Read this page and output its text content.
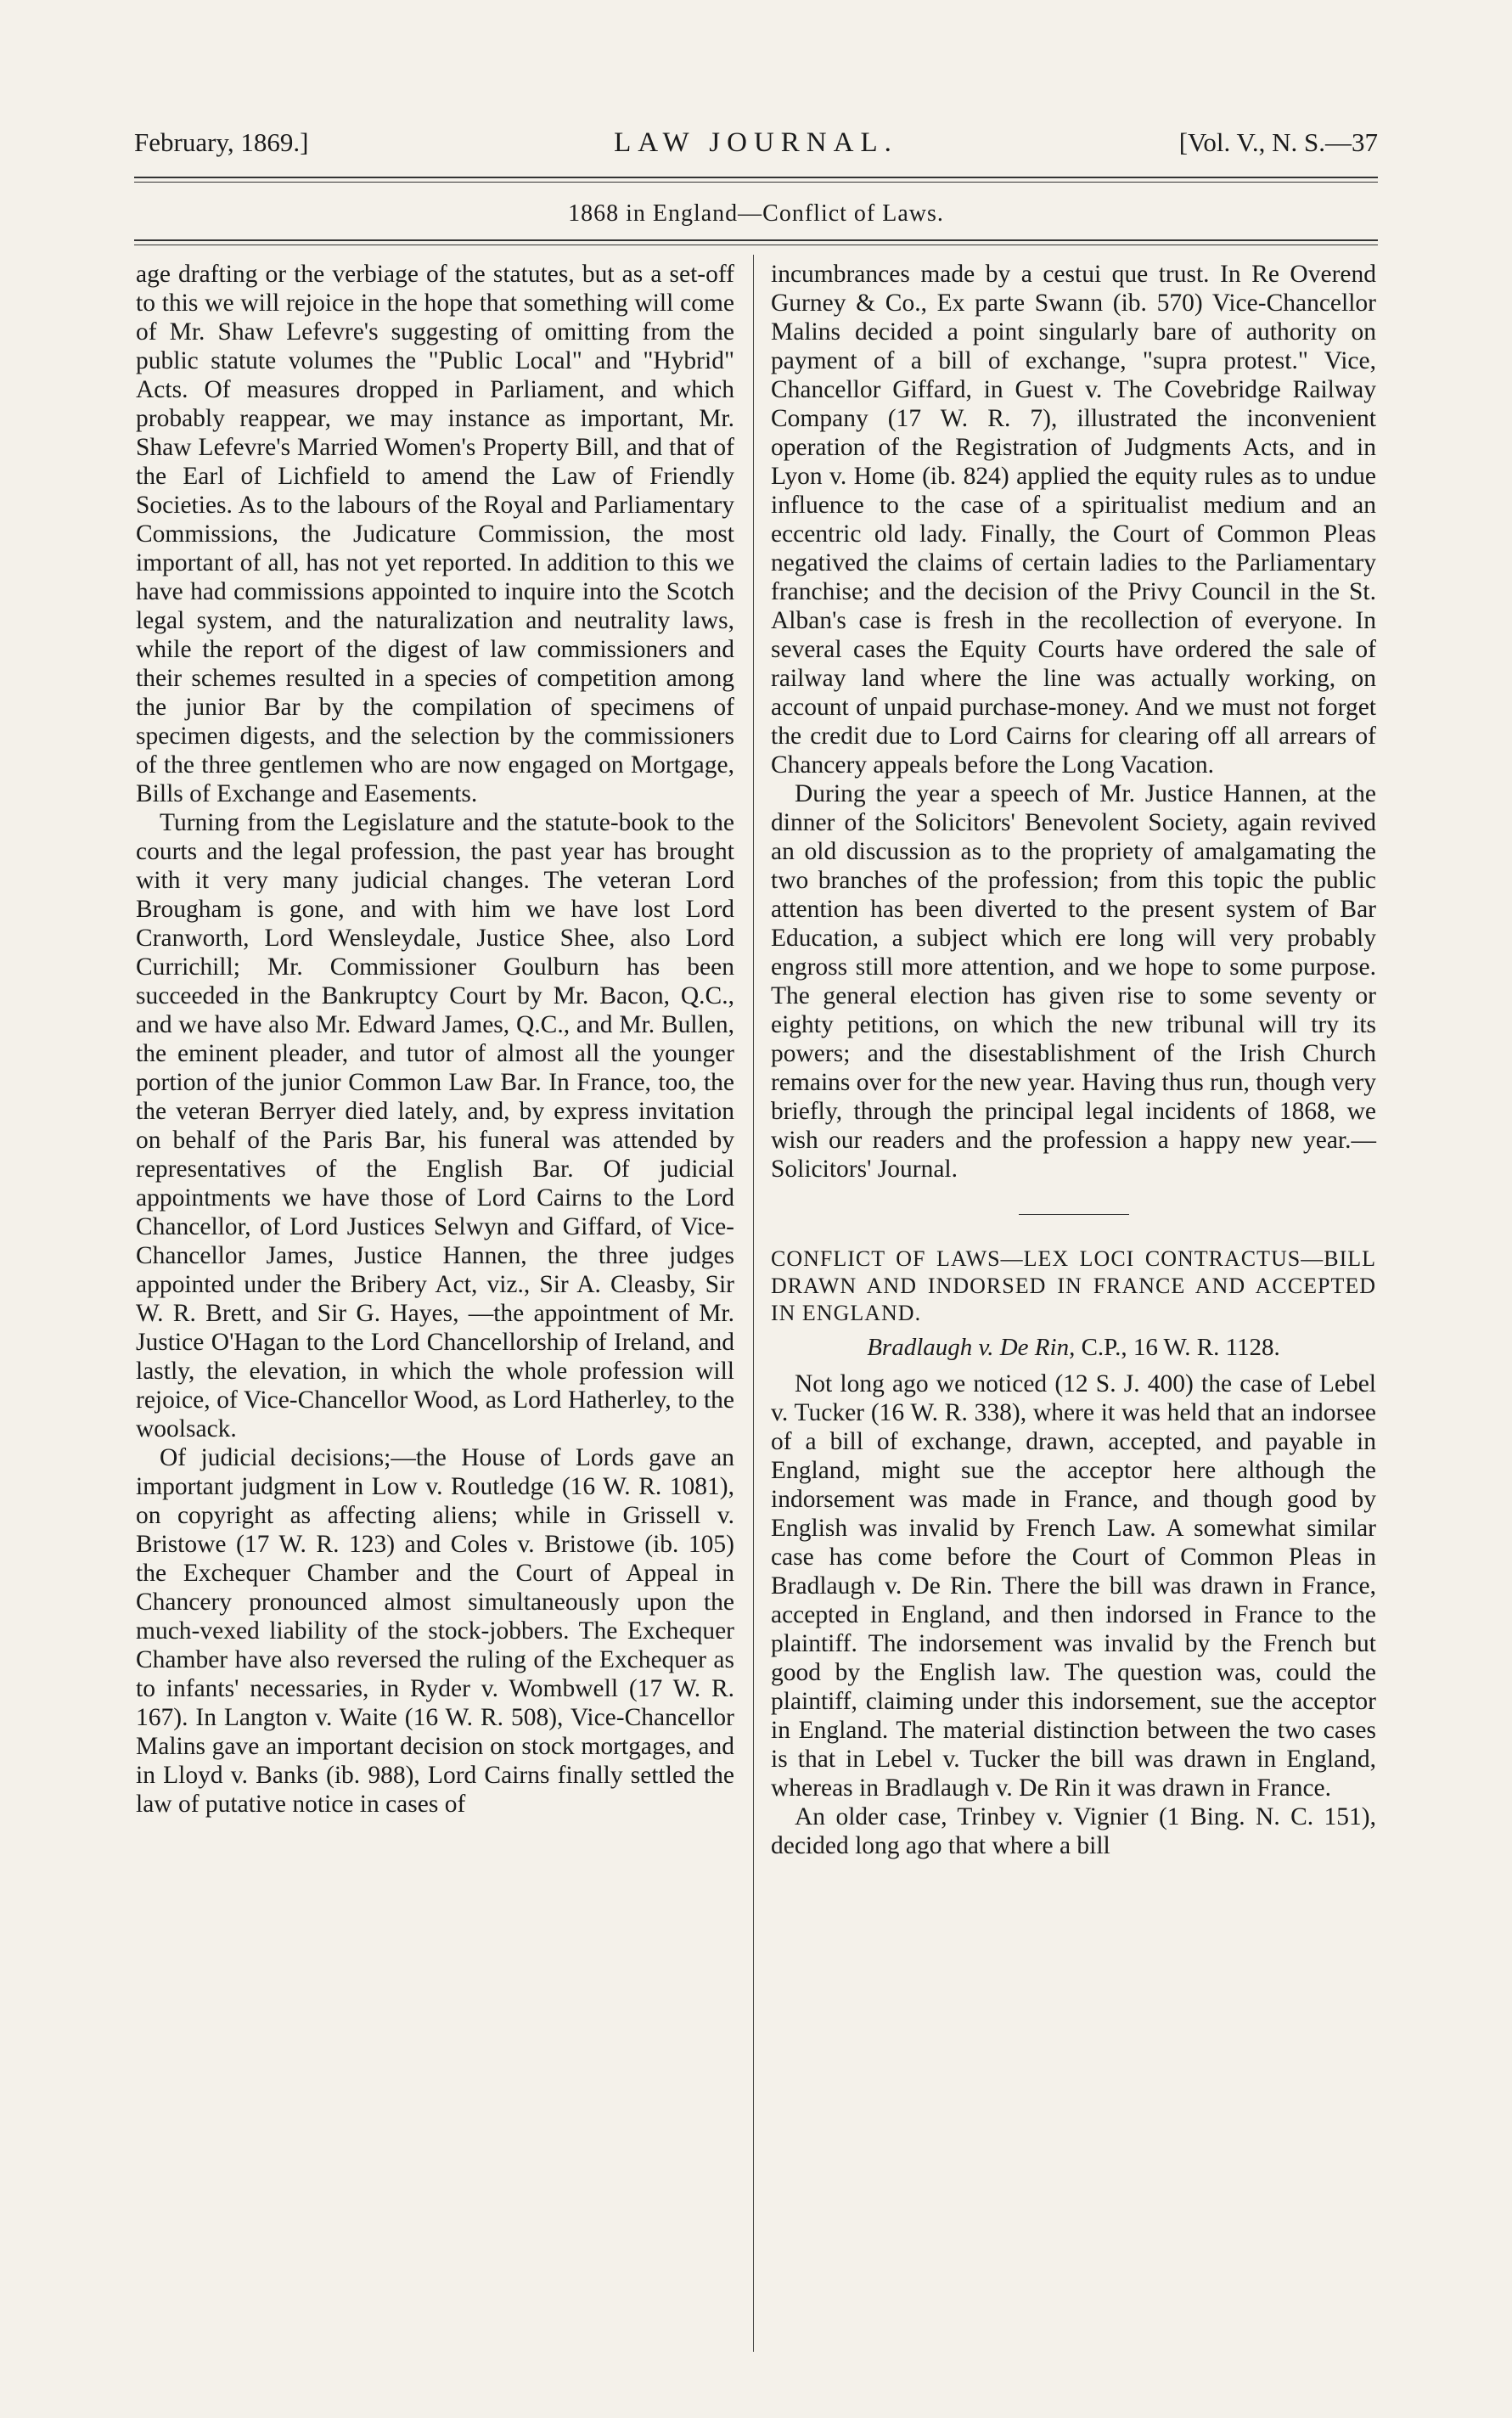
February, 1869.]	LAW JOURNAL.	[Vol. V., N. S.—37
1868 in England—Conflict of Laws.

age drafting or the verbiage of the statutes, but as a set-off to this we will rejoice in the hope that something will come of Mr. Shaw Lefevre's suggesting of omitting from the public statute volumes the "Public Local" and "Hybrid" Acts. Of measures dropped in Parliament, and which probably reappear, we may instance as important, Mr. Shaw Lefevre's Married Women's Property Bill, and that of the Earl of Lichfield to amend the Law of Friendly Societies. As to the labours of the Royal and Parliamentary Commissions, the Judicature Commission, the most important of all, has not yet reported. In addition to this we have had commissions appointed to inquire into the Scotch legal system, and the naturalization and neutrality laws, while the report of the digest of law commissioners and their schemes resulted in a species of competition among the junior Bar by the compilation of specimens of specimen digests, and the selection by the commissioners of the three gentlemen who are now engaged on Mortgage, Bills of Exchange and Easements.

Turning from the Legislature and the statute-book to the courts and the legal profession, the past year has brought with it very many judicial changes. The veteran Lord Brougham is gone, and with him we have lost Lord Cranworth, Lord Wensleydale, Justice Shee, also Lord Currichill; Mr. Commissioner Goulburn has been succeeded in the Bankruptcy Court by Mr. Bacon, Q.C., and we have also Mr. Edward James, Q.C., and Mr. Bullen, the eminent pleader, and tutor of almost all the younger portion of the junior Common Law Bar. In France, too, the the veteran Berryer died lately, and, by express invitation on behalf of the Paris Bar, his funeral was attended by representatives of the English Bar. Of judicial appointments we have those of Lord Cairns to the Lord Chancellor, of Lord Justices Selwyn and Giffard, of Vice-Chancellor James, Justice Hannen, the three judges appointed under the Bribery Act, viz., Sir A. Cleasby, Sir W. R. Brett, and Sir G. Hayes, —the appointment of Mr. Justice O'Hagan to the Lord Chancellorship of Ireland, and lastly, the elevation, in which the whole profession will rejoice, of Vice-Chancellor Wood, as Lord Hatherley, to the woolsack.

Of judicial decisions;—the House of Lords gave an important judgment in Low v. Routledge (16 W. R. 1081), on copyright as affecting aliens; while in Grissell v. Bristowe (17 W. R. 123) and Coles v. Bristowe (ib. 105) the Exchequer Chamber and the Court of Appeal in Chancery pronounced almost simultaneously upon the much-vexed liability of the stock-jobbers. The Exchequer Chamber have also reversed the ruling of the Exchequer as to infants' necessaries, in Ryder v. Wombwell (17 W. R. 167). In Langton v. Waite (16 W. R. 508), Vice-Chancellor Malins gave an important decision on stock mortgages, and in Lloyd v. Banks (ib. 988), Lord Cairns finally settled the law of putative notice in cases of

incumbrances made by a cestui que trust. In Re Overend Gurney & Co., Ex parte Swann (ib. 570) Vice-Chancellor Malins decided a point singularly bare of authority on payment of a bill of exchange, "supra protest." Vice, Chancellor Giffard, in Guest v. The Covebridge Railway Company (17 W. R. 7), illustrated the inconvenient operation of the Registration of Judgments Acts, and in Lyon v. Home (ib. 824) applied the equity rules as to undue influence to the case of a spiritualist medium and an eccentric old lady. Finally, the Court of Common Pleas negatived the claims of certain ladies to the Parliamentary franchise; and the decision of the Privy Council in the St. Alban's case is fresh in the recollection of everyone. In several cases the Equity Courts have ordered the sale of railway land where the line was actually working, on account of unpaid purchase-money. And we must not forget the credit due to Lord Cairns for clearing off all arrears of Chancery appeals before the Long Vacation.

During the year a speech of Mr. Justice Hannen, at the dinner of the Solicitors' Benevolent Society, again revived an old discussion as to the propriety of amalgamating the two branches of the profession; from this topic the public attention has been diverted to the present system of Bar Education, a subject which ere long will very probably engross still more attention, and we hope to some purpose. The general election has given rise to some seventy or eighty petitions, on which the new tribunal will try its powers; and the disestablishment of the Irish Church remains over for the new year. Having thus run, though very briefly, through the principal legal incidents of 1868, we wish our readers and the profession a happy new year.—Solicitors' Journal.

CONFLICT OF LAWS—LEX LOCI CONTRACTUS—BILL DRAWN AND INDORSED IN FRANCE AND ACCEPTED IN ENGLAND.

Bradlaugh v. De Rin, C.P., 16 W. R. 1128.

Not long ago we noticed (12 S. J. 400) the case of Lebel v. Tucker (16 W. R. 338), where it was held that an indorsee of a bill of exchange, drawn, accepted, and payable in England, might sue the acceptor here although the indorsement was made in France, and though good by English was invalid by French Law. A somewhat similar case has come before the Court of Common Pleas in Bradlaugh v. De Rin. There the bill was drawn in France, accepted in England, and then indorsed in France to the plaintiff. The indorsement was invalid by the French but good by the English law. The question was, could the plaintiff, claiming under this indorsement, sue the acceptor in England. The material distinction between the two cases is that in Lebel v. Tucker the bill was drawn in England, whereas in Bradlaugh v. De Rin it was drawn in France.

An older case, Trinbey v. Vignier (1 Bing. N. C. 151), decided long ago that where a bill
